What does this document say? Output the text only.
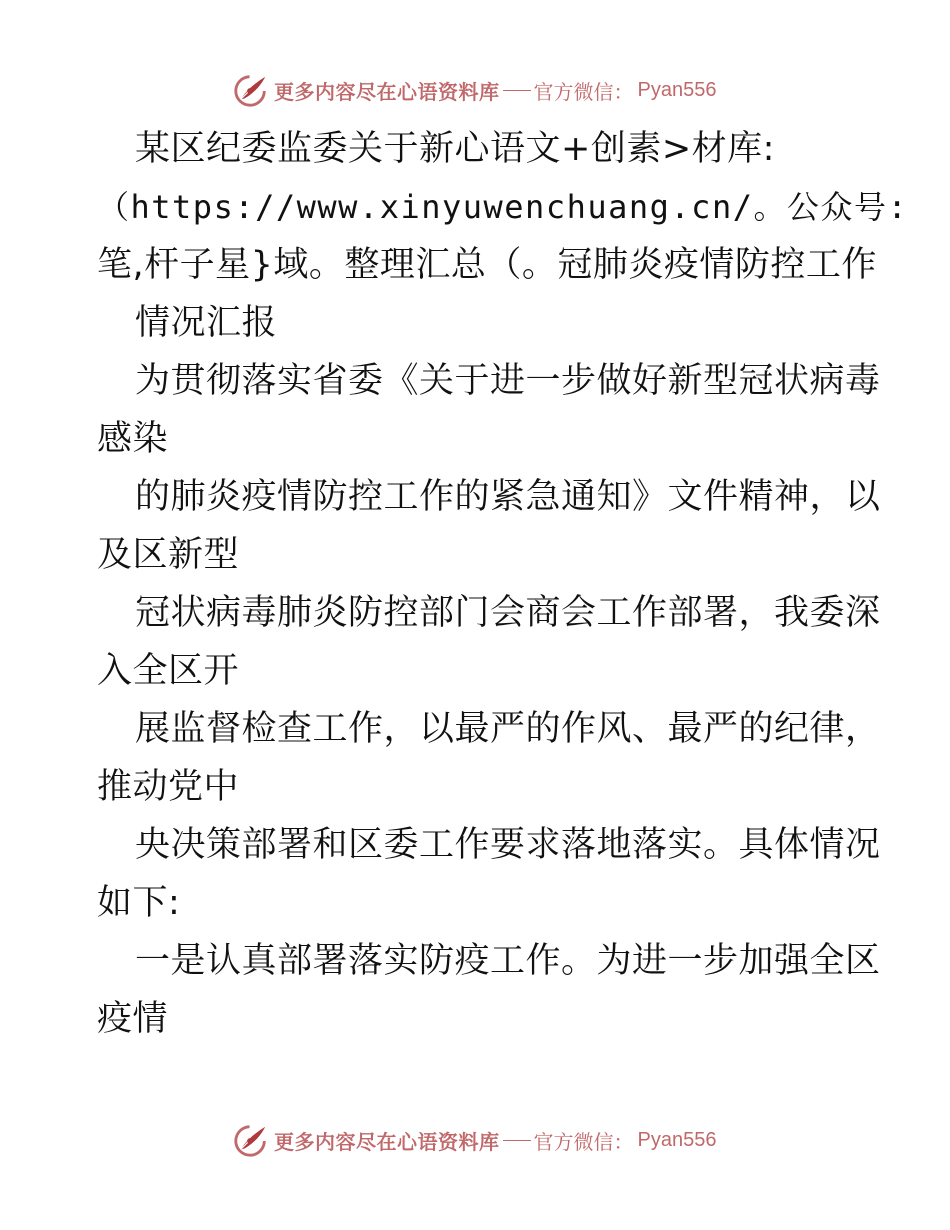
更多内容尽在心语资料库 官方微信： Pyan556
某区纪委监委关于新心语文+创素>材库:
（https://www.xinyuwenchuang.cn/。公众号:
笔,杆子星}域。整理汇总（。冠肺炎疫情防控工作
情况汇报
为贯彻落实省委《关于进一步做好新型冠状病毒
感染
的肺炎疫情防控工作的紧急通知》文件精神，以
及区新型
冠状病毒肺炎防控部门会商会工作部署，我委深
入全区开
展监督检查工作，以最严的作风、最严的纪律，
推动党中
央决策部署和区委工作要求落地落实。具体情况
如下:
一是认真部署落实防疫工作。为进一步加强全区
疫情
更多内容尽在心语资料库 官方微信： Pyan556
